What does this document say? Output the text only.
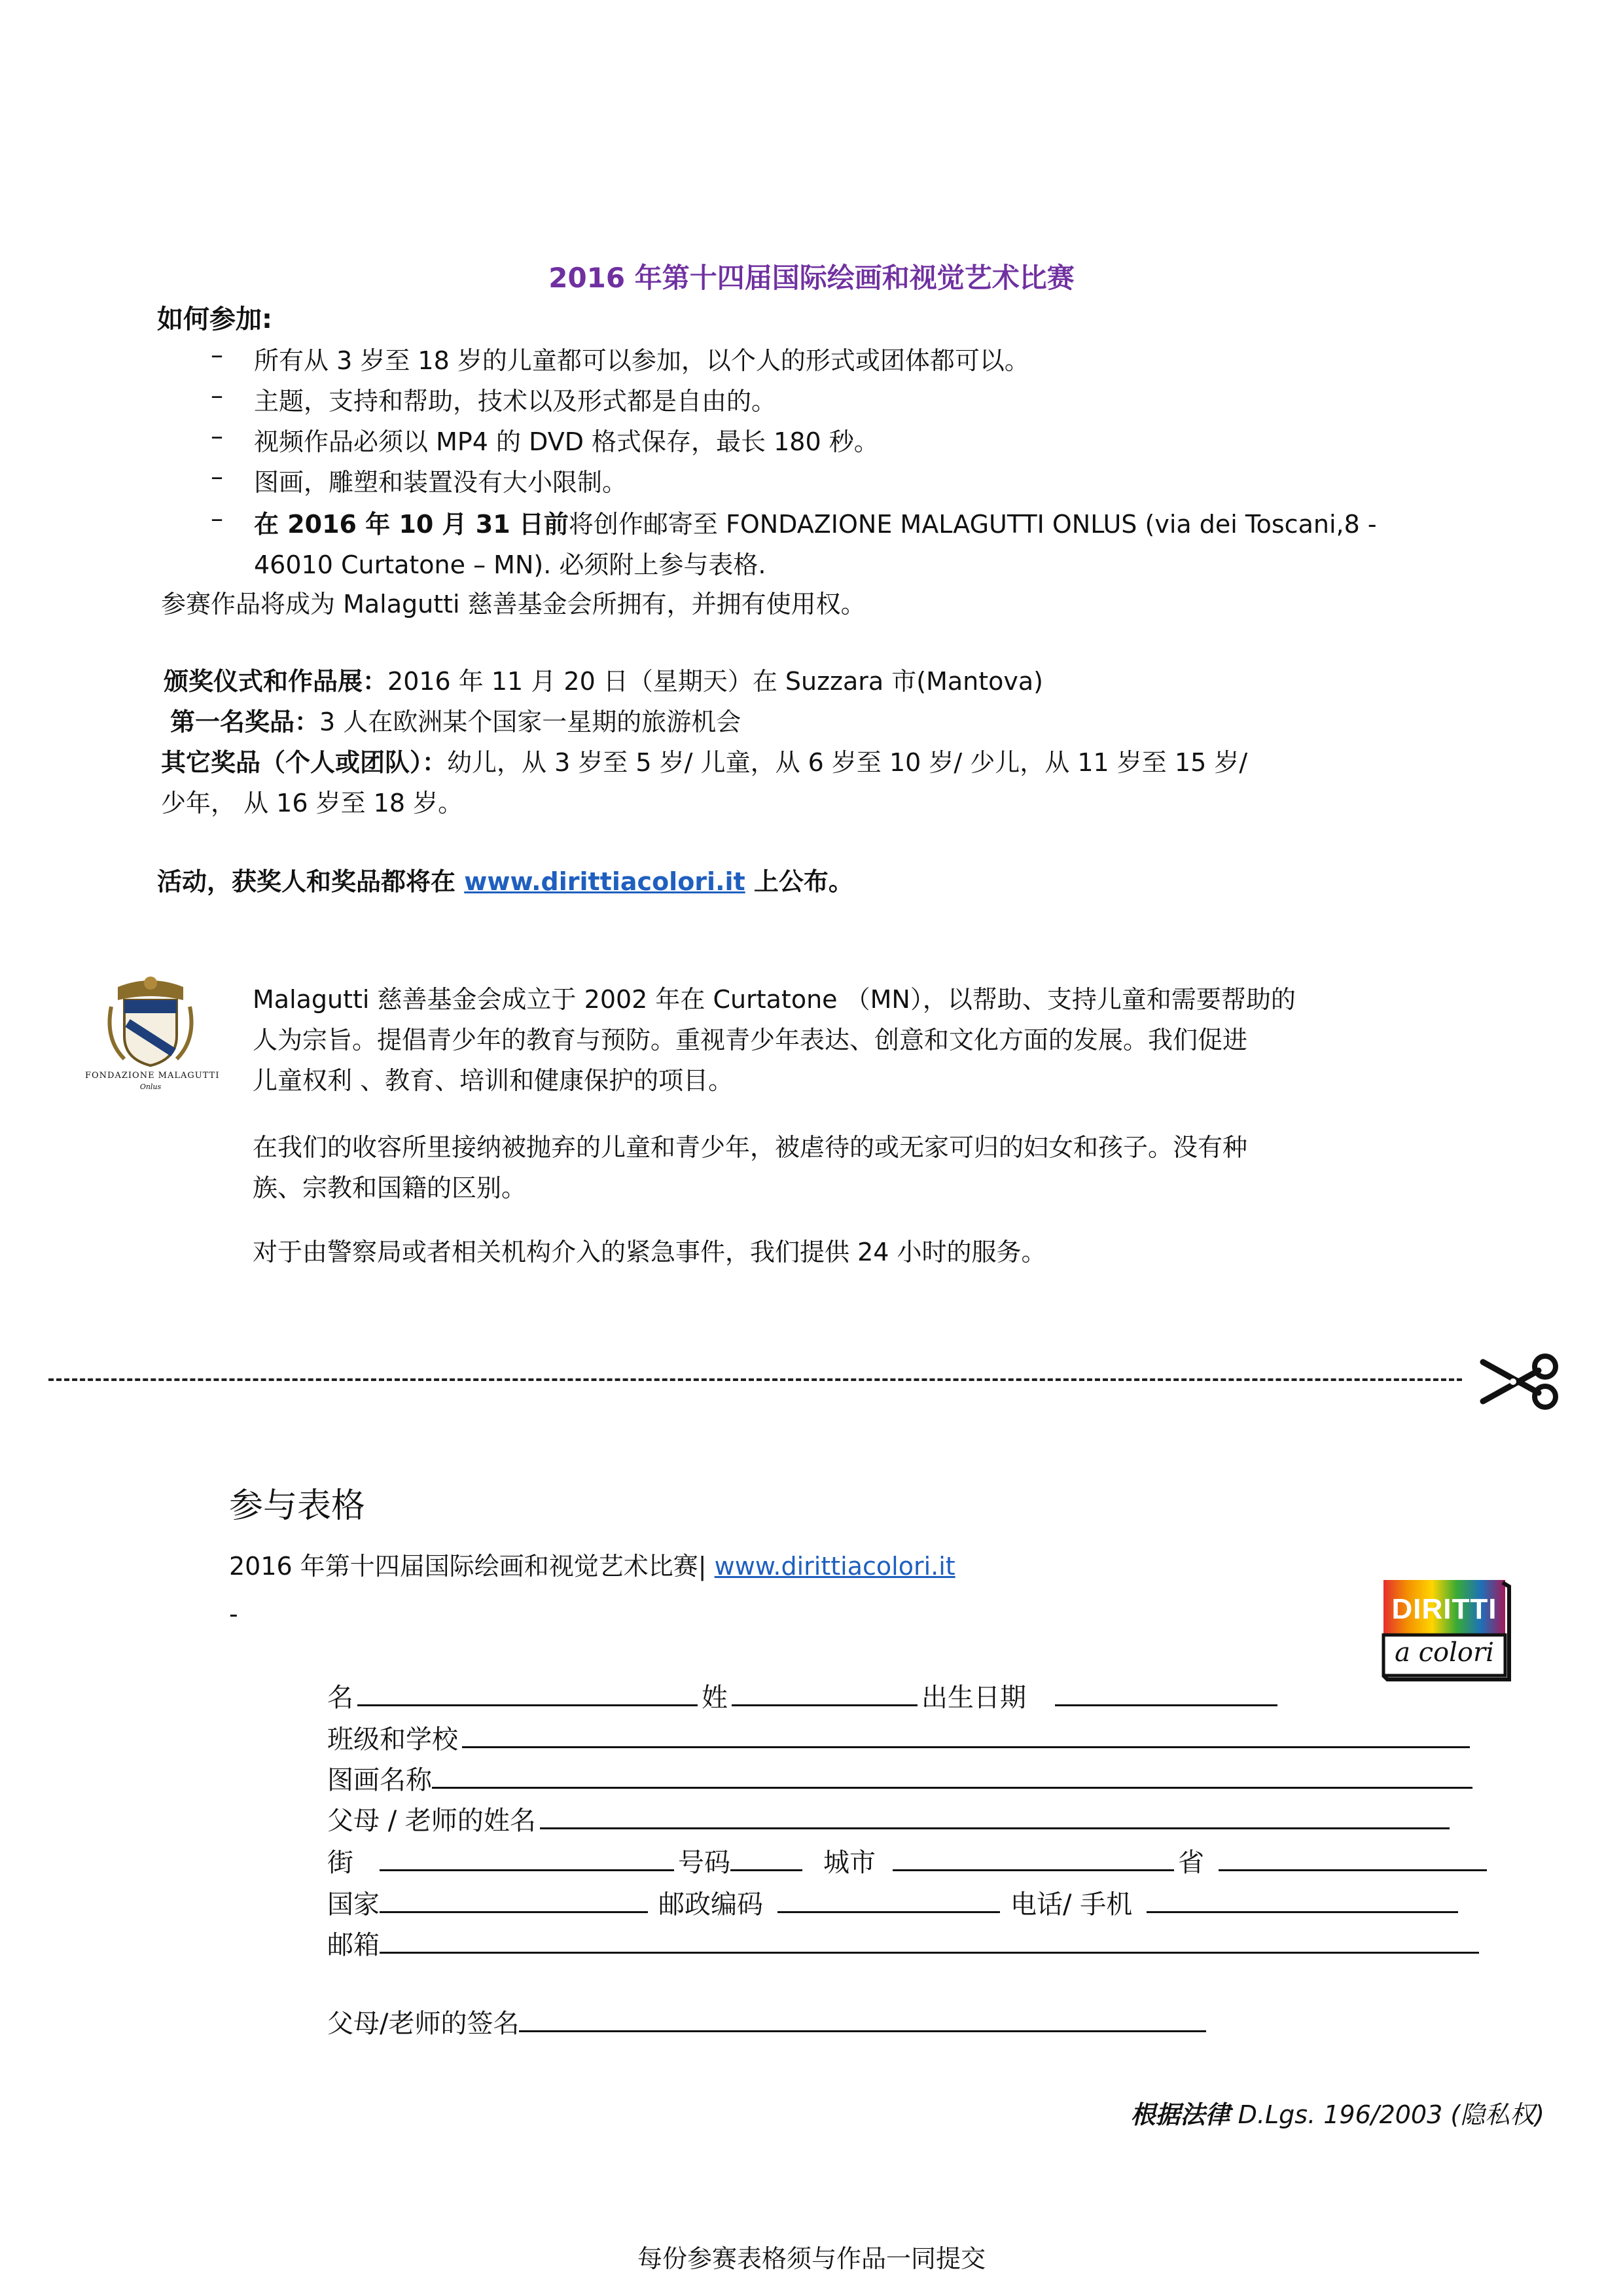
2016 年第十四届国际绘画和视觉艺术比赛
如何参加:
– 所有从 3 岁至 18 岁的儿童都可以参加，以个人的形式或团体都可以。
– 主题，支持和帮助，技术以及形式都是自由的。
– 视频作品必须以 MP4 的 DVD 格式保存，最长 180 秒。
– 图画，雕塑和装置没有大小限制。
– 在 2016 年 10 月 31 日前将创作邮寄至 FONDAZIONE MALAGUTTI ONLUS (via dei Toscani,8 -
46010 Curtatone – MN). 必须附上参与表格.
参赛作品将成为 Malagutti 慈善基金会所拥有，并拥有使用权。
颁奖仪式和作品展：2016 年 11 月 20 日（星期天）在 Suzzara 市(Mantova)
第一名奖品：3 人在欧洲某个国家一星期的旅游机会
其它奖品（个人或团队）：幼儿，从 3 岁至 5 岁/ 儿童，从 6 岁至 10 岁/ 少儿，从 11 岁至 15 岁/
少年， 从 16 岁至 18 岁。
活动，获奖人和奖品都将在 www.dirittiacolori.it 上公布。
FONDAZIONE MALAGUTTI
Onlus
Malagutti 慈善基金会成立于 2002 年在 Curtatone （MN），以帮助、支持儿童和需要帮助的
人为宗旨。提倡青少年的教育与预防。重视青少年表达、创意和文化方面的发展。我们促进
儿童权利 、教育、培训和健康保护的项目。
在我们的收容所里接纳被抛弃的儿童和青少年，被虐待的或无家可归的妇女和孩子。没有种
族、宗教和国籍的区别。
对于由警察局或者相关机构介入的紧急事件，我们提供 24 小时的服务。
参与表格
2016 年第十四届国际绘画和视觉艺术比赛| www.dirittiacolori.it
-	DIRITTI
a colori
名	姓	出生日期
班级和学校
图画名称
父母 / 老师的姓名
街	号码	城市	省
国家	邮政编码	电话/ 手机
邮箱
父母/老师的签名
根据法律 D.Lgs. 196/2003 (隐私权)
每份参赛表格须与作品一同提交
